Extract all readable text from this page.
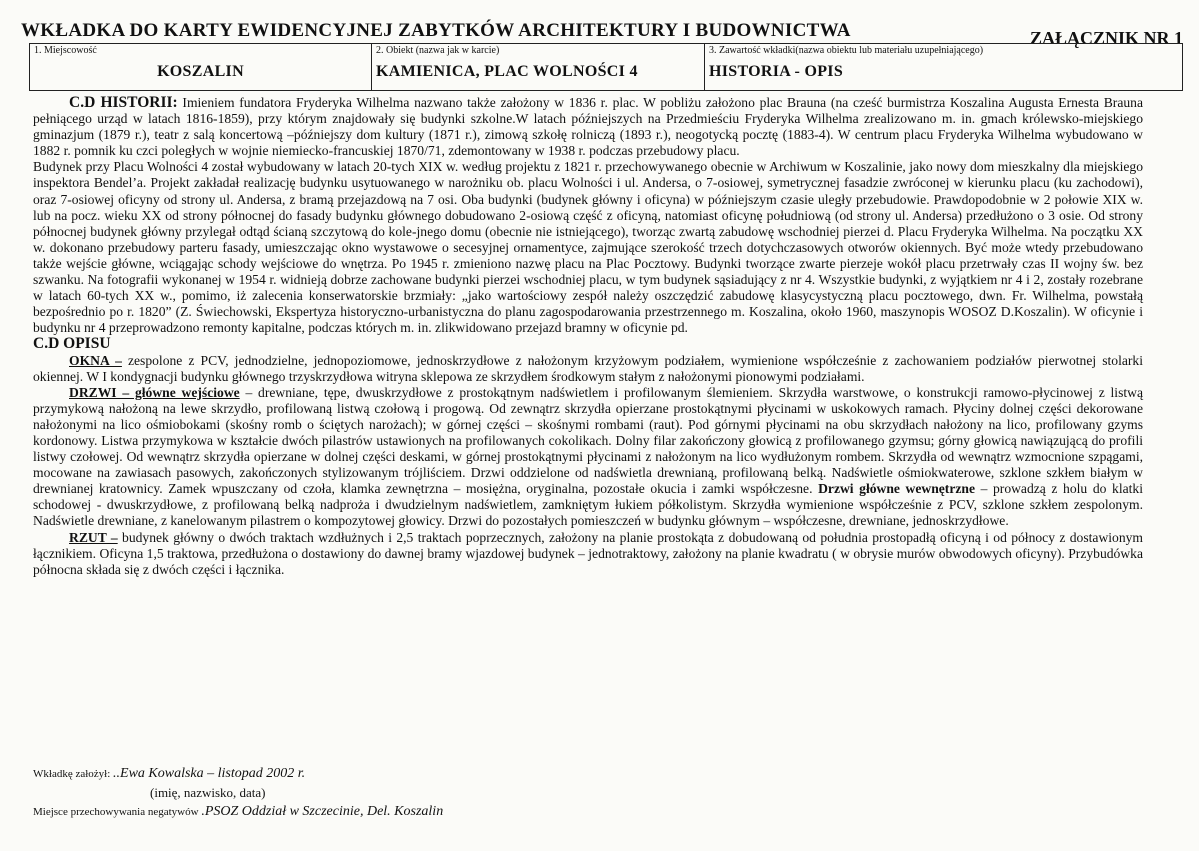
WKŁADKA DO KARTY EWIDENCYJNEJ ZABYTKÓW ARCHITEKTURY I BUDOWNICTWA	ZAŁĄCZNIK NR 1
1. Miejscowość
KOSZALIN
2. Obiekt (nazwa jak w karcie)
KAMIENICA, PLAC WOLNOŚCI 4
3. Zawartość wkładki(nazwa obiektu lub materiału uzupełniającego)
HISTORIA - OPIS

C.D HISTORII: Imieniem fundatora Fryderyka Wilhelma nazwano także założony w 1836 r. plac. W pobliżu założono plac Brauna (na cześć burmistrza Koszalina Augusta Ernesta Brauna pełniącego urząd w latach 1816-1859), przy którym znajdowały się budynki szkolne.W latach późniejszych na Przedmieściu Fryderyka Wilhelma zrealizowano m. in. gmach królewsko-miejskiego gminazjum (1879 r.), teatr z salą koncertową –późniejszy dom kultury (1871 r.), zimową szkołę rolniczą (1893 r.), neogotycką pocztę (1883-4). W centrum placu Fryderyka Wilhelma wybudowano w 1882 r. pomnik ku czci poległych w wojnie niemiecko-francuskiej 1870/71, zdemontowany w 1938 r. podczas przebudowy placu.

Budynek przy Placu Wolności 4 został wybudowany w latach 20-tych XIX w. według projektu z 1821 r. przechowywanego obecnie w Archiwum w Koszalinie, jako nowy dom mieszkalny dla miejskiego inspektora Bendel’a. Projekt zakładał realizację budynku usytuowanego w narożniku ob. placu Wolności i ul. Andersa, o 7-osiowej, symetrycznej fasadzie zwróconej w kierunku placu (ku zachodowi), oraz 7-osiowej oficyny od strony ul. Andersa, z bramą przejazdową na 7 osi. Oba budynki (budynek główny i oficyna) w późniejszym czasie uległy przebudowie. Prawdopodobnie w 2 połowie XIX w. lub na pocz. wieku XX od strony północnej do fasady budynku głównego dobudowano 2-osiową część z oficyną, natomiast oficynę południową (od strony ul. Andersa) przedłużono o 3 osie. Od strony północnej budynek główny przylegał odtąd ścianą szczytową do kole-jnego domu (obecnie nie istniejącego), tworząc zwartą zabudowę wschodniej pierzei d. Placu Fryderyka Wilhelma. Na początku XX w. dokonano przebudowy parteru fasady, umieszczając okno wystawowe o secesyjnej ornamentyce, zajmujące szerokość trzech dotychczasowych otworów okiennych. Być może wtedy przebudowano także wejście główne, wciągając schody wejściowe do wnętrza. Po 1945 r. zmieniono nazwę placu na Plac Pocztowy. Budynki tworzące zwarte pierzeje wokół placu przetrwały czas II wojny św. bez szwanku. Na fotografii wykonanej w 1954 r. widnieją dobrze zachowane budynki pierzei wschodniej placu, w tym budynek sąsiadujący z nr 4. Wszystkie budynki, z wyjątkiem nr 4 i 2, zostały rozebrane w latach 60-tych XX w., pomimo, iż zalecenia konserwatorskie brzmiały: „jako wartościowy zespół należy oszczędzić zabudowę klasycystyczną placu pocztowego, dwn. Fr. Wilhelma, powstałą bezpośrednio po r. 1820” (Z. Świechowski, Ekspertyza historyczno-urbanistyczna do planu zagospodarowania przestrzennego m. Koszalina, około 1960, maszynopis WOSOZ D.Koszalin). W oficynie i budynku nr 4 przeprowadzono remonty kapitalne, podczas których m. in. zlikwidowano przejazd bramny w oficynie pd.

C.D OPISU

OKNA – zespolone z PCV, jednodzielne, jednopoziomowe, jednoskrzydłowe z nałożonym krzyżowym podziałem, wymienione współcześnie z zachowaniem podziałów pierwotnej stolarki okiennej. W I kondygnacji budynku głównego trzyskrzydłowa witryna sklepowa ze skrzydłem środkowym stałym z nałożonymi pionowymi podziałami.

DRZWI – główne wejściowe – drewniane, tępe, dwuskrzydłowe z prostokątnym nadświetlem i profilowanym ślemieniem. Skrzydła warstwowe, o konstrukcji ramowo-płycinowej z listwą przymykową nałożoną na lewe skrzydło, profilowaną listwą czołową i progową. Od zewnątrz skrzydła opierzane prostokątnymi płycinami w uskokowych ramach. Płyciny dolnej części dekorowane nałożonymi na lico ośmiobokami (skośny romb o ściętych narożach); w górnej części – skośnymi rombami (raut). Pod górnymi płycinami na obu skrzydłach nałożony na lico, profilowany gzyms kordonowy. Listwa przymykowa w kształcie dwóch pilastrów ustawionych na profilowanych cokolikach. Dolny filar zakończony głowicą z profilowanego gzymsu; górny głowicą nawiązującą do profili listwy czołowej. Od wewnątrz skrzydła opierzane w dolnej części deskami, w górnej prostokątnymi płycinami z nałożonym na lico wydłużonym rombem. Skrzydła od wewnątrz wzmocnione szpągami, mocowane na zawiasach pasowych, zakończonych stylizowanym trójliściem. Drzwi oddzielone od nadświetla drewnianą, profilowaną belką. Nadświetle ośmiokwaterowe, szklone szkłem białym w drewnianej kratownicy. Zamek wpuszczany od czoła, klamka zewnętrzna – mosiężna, oryginalna, pozostałe okucia i zamki współczesne. Drzwi główne wewnętrzne – prowadzą z holu do klatki schodowej - dwuskrzydłowe, z profilowaną belką nadproża i dwudzielnym nadświetlem, zamkniętym łukiem półkolistym. Skrzydła wymienione współcześnie z PCV, szklone szkłem zespolonym. Nadświetle drewniane, z kanelowanym pilastrem o kompozytowej głowicy. Drzwi do pozostałych pomieszczeń w budynku głównym – współczesne, drewniane, jednoskrzydłowe.

RZUT – budynek główny o dwóch traktach wzdłużnych i 2,5 traktach poprzecznych, założony na planie prostokąta z dobudowaną od południa prostopadłą oficyną i od północy z dostawionym łącznikiem. Oficyna 1,5 traktowa, przedłużona o dostawiony do dawnej bramy wjazdowej budynek – jednotraktowy, założony na planie kwadratu ( w obrysie murów obwodowych oficyny). Przybudówka północna składa się z dwóch części i łącznika.

Wkładkę założył: ..Ewa Kowalska – listopad 2002 r.
(imię, nazwisko, data)
Miejsce przechowywania negatywów .PSOZ Oddział w Szczecinie, Del. Koszalin
